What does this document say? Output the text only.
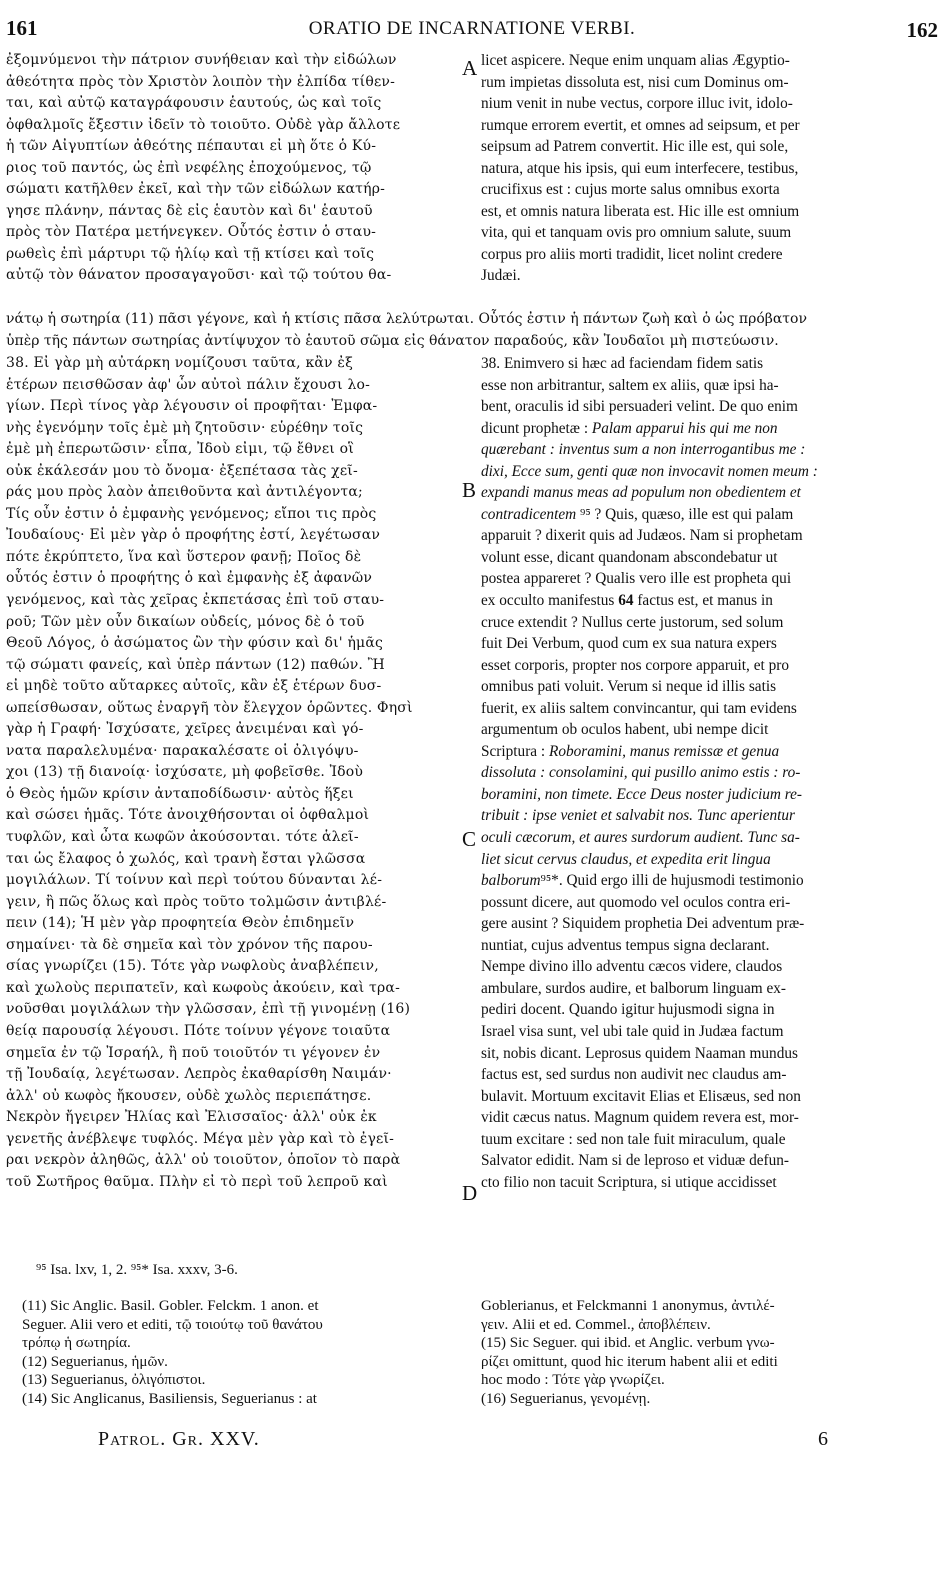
161	ORATIO DE INCARNATIONE VERBI.	162
ἐξομνύμενοι τὴν πάτριον συνήθειαν καὶ τὴν εἰδώλων
ἀθεότητα πρὸς τὸν Χριστὸν λοιπὸν τὴν ἐλπίδα τίθεν-
ται, καὶ αὐτῷ καταγράφουσιν ἑαυτούς, ὡς καὶ τοῖς
ὀφθαλμοῖς ἔξεστιν ἰδεῖν τὸ τοιοῦτο. Οὐδὲ γὰρ ἄλλοτε
ἡ τῶν Αἰγυπτίων ἀθεότης πέπαυται εἰ μὴ ὅτε ὁ Κύ-
ριος τοῦ παντός, ὡς ἐπὶ νεφέλης ἐποχούμενος, τῷ
σώματι κατῆλθεν ἐκεῖ, καὶ τὴν τῶν εἰδώλων κατήρ-
γησε πλάνην, πάντας δὲ εἰς ἑαυτὸν καὶ δι' ἑαυτοῦ
πρὸς τὸν Πατέρα μετήνεγκεν. Οὗτός ἐστιν ὁ σταυ-
ρωθεὶς ἐπὶ μάρτυρι τῷ ἡλίῳ καὶ τῇ κτίσει καὶ τοῖς
αὐτῷ τὸν θάνατον προσαγαγοῦσι· καὶ τῷ τούτου θα-
licet aspicere. Neque enim unquam alias Ægyptio-
rum impietas dissoluta est, nisi cum Dominus om-
nium venit in nube vectus, corpore illuc ivit, idolo-
rumque errorem evertit, et omnes ad seipsum, et per
seipsum ad Patrem convertit. Hic ille est, qui sole,
natura, atque his ipsis, qui eum interfecere, testibus,
crucifixus est : cujus morte salus omnibus exorta
est, et omnis natura liberata est. Hic ille est omnium
vita, qui et tanquam ovis pro omnium salute, suum
corpus pro aliis morti tradidit, licet nolint credere
Judæi.
νάτῳ ἡ σωτηρία (11) πᾶσι γέγονε, καὶ ἡ κτίσις πᾶσα λελύτρωται. Οὗτός ἐστιν ἡ πάντων ζωὴ καὶ ὁ ὡς πρόβατον
ὑπὲρ τῆς πάντων σωτηρίας ἀντίψυχον τὸ ἑαυτοῦ σῶμα εἰς θάνατον παραδούς, κἂν Ἰουδαῖοι μὴ πιστεύωσιν.
38. Εἰ γὰρ μὴ αὐτάρκη νομίζουσι ταῦτα, κἂν ἐξ
ἑτέρων πεισθῶσαν ἀφ' ὧν αὐτοὶ πάλιν ἔχουσι λο-
γίων. Περὶ τίνος γὰρ λέγουσιν οἱ προφῆται· Ἐμφα-
νὴς ἐγενόμην τοῖς ἐμὲ μὴ ζητοῦσιν· εὑρέθην τοῖς
ἐμὲ μὴ ἐπερωτῶσιν· εἶπα, Ἰδοὺ εἰμι, τῷ ἔθνει οἳ
οὐκ ἐκάλεσάν μου τὸ ὄνομα· ἐξεπέτασα τὰς χεῖ-
ράς μου πρὸς λαὸν ἀπειθοῦντα καὶ ἀντιλέγοντα;
Τίς οὖν ἐστιν ὁ ἐμφανὴς γενόμενος; εἴποι τις πρὸς
Ἰουδαίους· Εἰ μὲν γὰρ ὁ προφήτης ἐστί, λεγέτωσαν
πότε ἐκρύπτετο, ἵνα καὶ ὕστερον φανῇ; Ποῖος δὲ
οὗτός ἐστιν ὁ προφήτης ὁ καὶ ἐμφανὴς ἐξ ἀφανῶν
γενόμενος, καὶ τὰς χεῖρας ἐκπετάσας ἐπὶ τοῦ σταυ-
ροῦ; Τῶν μὲν οὖν δικαίων οὐδείς, μόνος δὲ ὁ τοῦ
Θεοῦ Λόγος, ὁ ἀσώματος ὢν τὴν φύσιν καὶ δι' ἡμᾶς
τῷ σώματι φανείς, καὶ ὑπὲρ πάντων (12) παθών. Ἢ
εἰ μηδὲ τοῦτο αὔταρκες αὐτοῖς, κἂν ἐξ ἑτέρων δυσ-
ωπείσθωσαν, οὕτως ἐναργῆ τὸν ἔλεγχον ὁρῶντες. Φησὶ
γὰρ ἡ Γραφή· Ἰσχύσατε, χεῖρες ἀνειμέναι καὶ γό-
νατα παραλελυμένα· παρακαλέσατε οἱ ὀλιγόψυ-
χοι (13) τῇ διανοίᾳ· ἰσχύσατε, μὴ φοβεῖσθε. Ἰδοὺ
ὁ Θεὸς ἡμῶν κρίσιν ἀνταποδίδωσιν· αὐτὸς ἥξει
καὶ σώσει ἡμᾶς. Τότε ἀνοιχθήσονται οἱ ὀφθαλμοὶ
τυφλῶν, καὶ ὦτα κωφῶν ἀκούσονται. τότε ἁλεῖ-
ται ὡς ἔλαφος ὁ χωλός, καὶ τρανὴ ἔσται γλῶσσα
μογιλάλων. Τί τοίνυν καὶ περὶ τούτου δύνανται λέ-
γειν, ἢ πῶς ὅλως καὶ πρὸς τοῦτο τολμῶσιν ἀντιβλέ-
πειν (14); Ἡ μὲν γὰρ προφητεία Θεὸν ἐπιδημεῖν
σημαίνει· τὰ δὲ σημεῖα καὶ τὸν χρόνον τῆς παρου-
σίας γνωρίζει (15). Τότε γὰρ νωφλοὺς ἀναβλέπειν,
καὶ χωλοὺς περιπατεῖν, καὶ κωφοὺς ἀκούειν, καὶ τρα-
νοῦσθαι μογιλάλων τὴν γλῶσσαν, ἐπὶ τῇ γινομένῃ (16)
θείᾳ παρουσίᾳ λέγουσι. Πότε τοίνυν γέγονε τοιαῦτα
σημεῖα ἐν τῷ Ἰσραήλ, ἢ ποῦ τοιοῦτόν τι γέγονεν ἐν
τῇ Ἰουδαίᾳ, λεγέτωσαν. Λεπρὸς ἐκαθαρίσθη Ναιμάν·
ἀλλ' οὐ κωφὸς ἤκουσεν, οὐδὲ χωλὸς περιεπάτησε.
Νεκρὸν ἤγειρεν Ἠλίας καὶ Ἐλισσαῖος· ἀλλ' οὐκ ἐκ
γενετῆς ἀνέβλεψε τυφλός. Μέγα μὲν γὰρ καὶ τὸ ἐγεῖ-
ραι νεκρὸν ἀληθῶς, ἀλλ' οὐ τοιοῦτον, ὁποῖον τὸ παρὰ
τοῦ Σωτῆρος θαῦμα. Πλὴν εἰ τὸ περὶ τοῦ λεπροῦ καὶ
38. Enimvero si hæc ad faciendam fidem satis
esse non arbitrantur, saltem ex aliis, quæ ipsi ha-
bent, oraculis id sibi persuaderi velint. De quo enim
dicunt prophetæ : Palam apparui his qui me non
quærebant : inventus sum a non interrogantibus me :
dixi, Ecce sum, genti quæ non invocavit nomen meum :
expandi manus meas ad populum non obedientem et
contradicentem ⁹⁵ ? Quis, quæso, ille est qui palam
apparuit ? dixerit quis ad Judæos. Nam si prophetam
volunt esse, dicant quandonam abscondebatur ut
postea appareret ? Qualis vero ille est propheta qui
ex occulto manifestus 64 factus est, et manus in
cruce extendit ? Nullus certe justorum, sed solum
fuit Dei Verbum, quod cum ex sua natura expers
esset corporis, propter nos corpore apparuit, et pro
omnibus pati voluit. Verum si neque id illis satis
fuerit, ex aliis saltem convincantur, qui tam evidens
argumentum ob oculos habent, ubi nempe dicit
Scriptura : Roboramini, manus remissæ et genua
dissoluta : consolamini, qui pusillo animo estis : ro-
boramini, non timete. Ecce Deus noster judicium re-
tribuit : ipse veniet et salvabit nos. Tunc aperientur
oculi cæcorum, et aures surdorum audient. Tunc sa-
liet sicut cervus claudus, et expedita erit lingua
balborum⁹⁵*. Quid ergo illi de hujusmodi testimonio
possunt dicere, aut quomodo vel oculos contra eri-
gere ausint ? Siquidem prophetia Dei adventum præ-
nuntiat, cujus adventus tempus signa declarant.
Nempe divino illo adventu cæcos videre, claudos
ambulare, surdos audire, et balborum linguam ex-
pediri docent. Quando igitur hujusmodi signa in
Israel visa sunt, vel ubi tale quid in Judæa factum
sit, nobis dicant. Leprosus quidem Naaman mundus
factus est, sed surdus non audivit nec claudus am-
bulavit. Mortuum excitavit Elias et Elisæus, sed non
vidit cæcus natus. Magnum quidem revera est, mor-
tuum excitare : sed non tale fuit miraculum, quale
Salvator edidit. Nam si de leproso et viduæ defun-
cto filio non tacuit Scriptura, si utique accidisset
A
B
C
D
⁹⁵ Isa. lxv, 1, 2. ⁹⁵* Isa. xxxv, 3-6.
(11) Sic Anglic. Basil. Gobler. Felckm. 1 anon. et
Seguer. Alii vero et editi, τῷ τοιούτῳ τοῦ θανάτου
τρόπῳ ἡ σωτηρία.
(12) Seguerianus, ἡμῶν.
(13) Seguerianus, ὀλιγόπιστοι.
(14) Sic Anglicanus, Basiliensis, Seguerianus : at
Goblerianus, et Felckmanni 1 anonymus, ἀντιλέ-
γειν. Alii et ed. Commel., ἀποβλέπειν.
(15) Sic Seguer. qui ibid. et Anglic. verbum γνω-
ρίζει omittunt, quod hic iterum habent alii et editi
hoc modo : Τότε γὰρ γνωρίζει.
(16) Seguerianus, γενομένῃ.
Patrol. Gr. XXV.	6
